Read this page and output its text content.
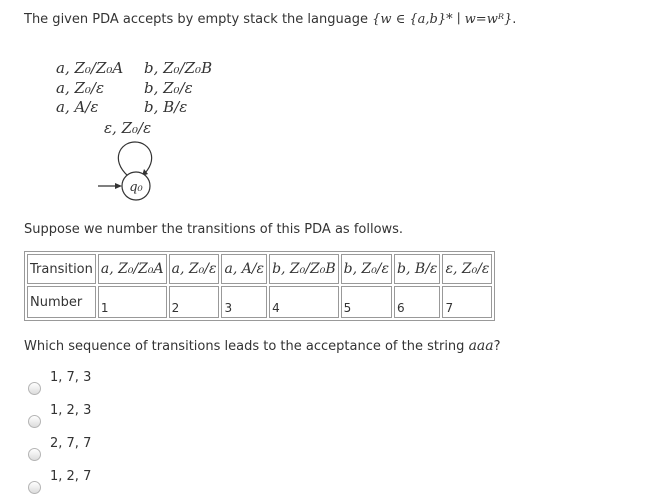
The given PDA accepts by empty stack the language {w ∈ {a,b}* ∣ w=wᴿ}.
a, Z₀/Z₀A b, Z₀/Z₀B
a, Z₀/ε	b, Z₀/ε
a, A/ε	b, B/ε
ε, Z₀/ε
q₀
Suppose we number the transitions of this PDA as follows.
Transition	a, Z₀/Z₀A	a, Z₀/ε	a, A/ε	b, Z₀/Z₀B	b, Z₀/ε	b, B/ε	ε, Z₀/ε
Number	1	2	3	4	5	6	7
Which sequence of transitions leads to the acceptance of the string aaa?
1, 7, 3
1, 2, 3
2, 7, 7
1, 2, 7
